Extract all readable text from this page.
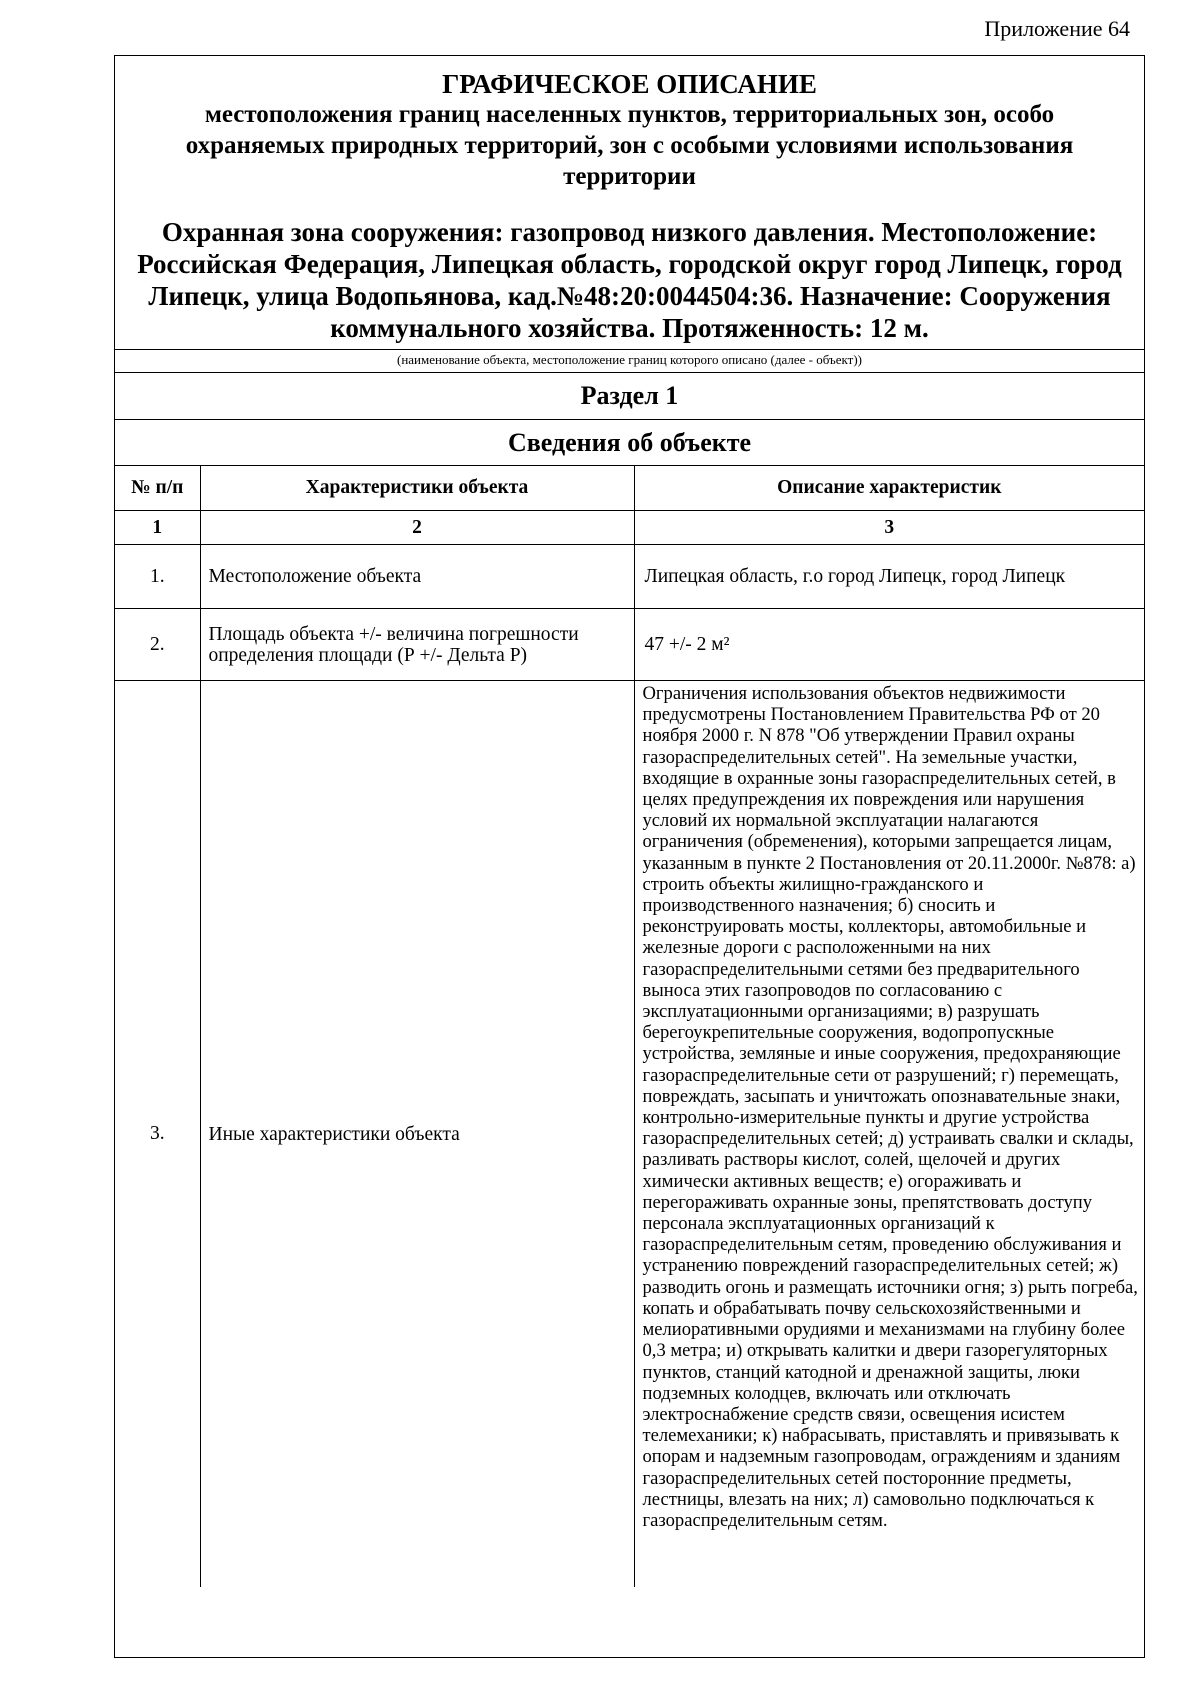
Приложение 64
ГРАФИЧЕСКОЕ ОПИСАНИЕ
местоположения границ населенных пунктов, территориальных зон, особо охраняемых природных территорий, зон с особыми условиями использования территории
Охранная зона сооружения: газопровод низкого давления. Местоположение: Российская Федерация, Липецкая область, городской округ город Липецк, город Липецк, улица Водопьянова, кад.№48:20:0044504:36. Назначение: Сооружения коммунального хозяйства. Протяженность: 12 м.
(наименование объекта, местоположение границ которого описано (далее - объект))
Раздел 1
Сведения об объекте
№ п/п	Характеристики объекта	Описание характеристик
1	2	3
1.	Местоположение объекта	Липецкая область, г.о город Липецк, город Липецк
2.	Площадь объекта +/- величина погрешности определения площади (Р +/- Дельта Р)	47 +/- 2 м²
3.	Иные характеристики объекта	Ограничения использования объектов недвижимости предусмотрены Постановлением Правительства РФ от 20 ноября 2000 г. N 878 "Об утверждении Правил охраны газораспределительных сетей". На земельные участки, входящие в охранные зоны газораспределительных сетей, в целях предупреждения их повреждения или нарушения условий их нормальной эксплуатации налагаются ограничения (обременения), которыми запрещается лицам, указанным в пункте 2 Постановления от 20.11.2000г. №878: а) строить объекты жилищно-гражданского и производственного назначения; б) сносить и реконструировать мосты, коллекторы, автомобильные и железные дороги с расположенными на них газораспределительными сетями без предварительного выноса этих газопроводов по согласованию с эксплуатационными организациями; в) разрушать берегоукрепительные сооружения, водопропускные устройства, земляные и иные сооружения, предохраняющие газораспределительные сети от разрушений; г) перемещать, повреждать, засыпать и уничтожать опознавательные знаки, контрольно-измерительные пункты и другие устройства газораспределительных сетей; д) устраивать свалки и склады, разливать растворы кислот, солей, щелочей и других химически активных веществ; е) огораживать и перегораживать охранные зоны, препятствовать доступу персонала эксплуатационных организаций к газораспределительным сетям, проведению обслуживания и устранению повреждений газораспределительных сетей; ж) разводить огонь и размещать источники огня; з) рыть погреба, копать и обрабатывать почву сельскохозяйственными и мелиоративными орудиями и механизмами на глубину более 0,3 метра; и) открывать калитки и двери газорегуляторных пунктов, станций катодной и дренажной защиты, люки подземных колодцев, включать или отключать электроснабжение средств связи, освещения исистем телемеханики; к) набрасывать, приставлять и привязывать к опорам и надземным газопроводам, ограждениям и зданиям газораспределительных сетей посторонние предметы, лестницы, влезать на них; л) самовольно подключаться к газораспределительным сетям.
